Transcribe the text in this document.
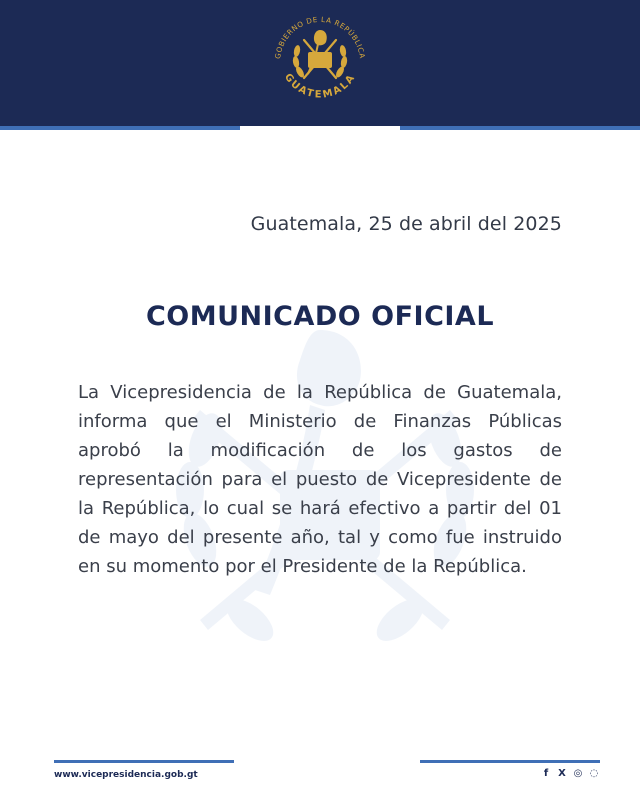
GOBIERNO DE LA REPÚBLICA
GUATEMALA
Guatemala, 25 de abril del 2025
COMUNICADO OFICIAL
La Vicepresidencia de la República de Guatemala, informa que el Ministerio de Finanzas Públicas aprobó la modificación de los gastos de representación para el puesto de Vicepresidente de la República, lo cual se hará efectivo a partir del 01 de mayo del presente año, tal y como fue instruido en su momento por el Presidente de la República.
www.vicepresidencia.gob.gt	f X ◎ ◌
